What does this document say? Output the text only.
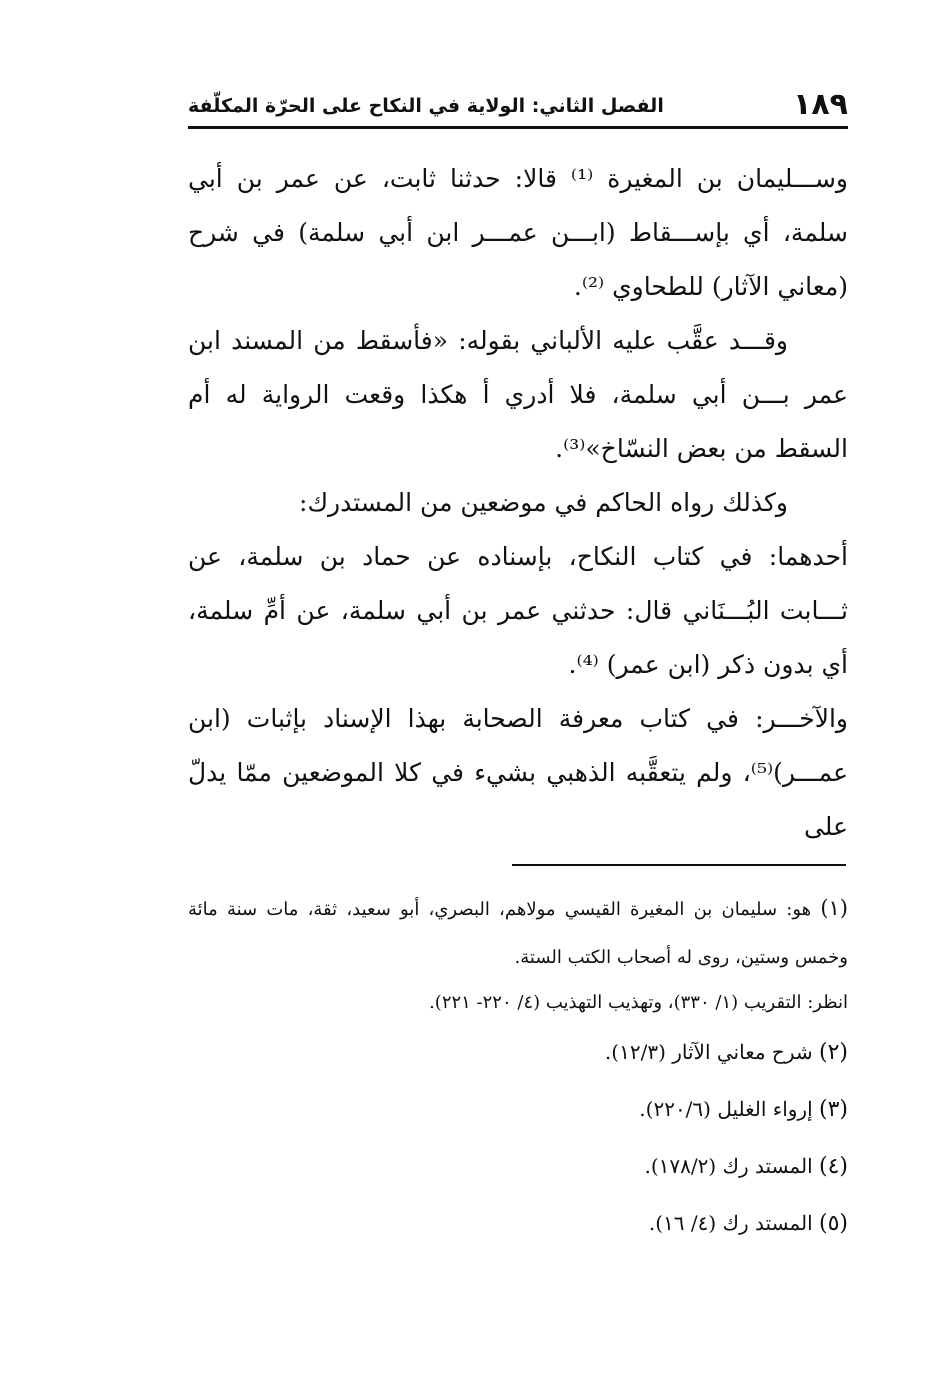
١٨٩
الفصل الثاني: الولاية في النكاح على الحرّة المكلّفة

وســـليمان بن المغيرة ⁽¹⁾ قالا: حدثنا ثابت، عن عمر بن أبي سلمة، أي بإســـقاط (ابـــن عمـــر ابن أبي سلمة) في شرح (معاني الآثار) للطحاوي ⁽²⁾.

وقـــد عقَّب عليه الألباني بقوله: «فأسقط من المسند ابن عمر بـــن أبي سلمة، فلا أدري أ هكذا وقعت الرواية له أم السقط من بعض النسّاخ»⁽³⁾.

وكذلك رواه الحاكم في موضعين من المستدرك:

أحدهما: في كتاب النكاح، بإسناده عن حماد بن سلمة، عن ثـــابت البُـــنَاني قال: حدثني عمر بن أبي سلمة، عن أمِّ سلمة، أي بدون ذكر (ابن عمر) ⁽⁴⁾.

والآخـــر: في كتاب معرفة الصحابة بهذا الإسناد بإثبات (ابن عمـــر)⁽⁵⁾، ولم يتعقَّبه الذهبي بشيء في كلا الموضعين ممّا يدلّ على

(١) هو: سليمان بن المغيرة القيسي مولاهم، البصري، أبو سعيد، ثقة، مات سنة مائة وخمس وستين، روى له أصحاب الكتب الستة.

انظر: التقريب (١/ ٣٣٠)، وتهذيب التهذيب (٤/ ٢٢٠- ٢٢١).

(٢) شرح معاني الآثار (١٢/٣).

(٣) إرواء الغليل (٢٢٠/٦).

(٤) المستد رك (١٧٨/٢).

(٥) المستد رك (٤/ ١٦).
